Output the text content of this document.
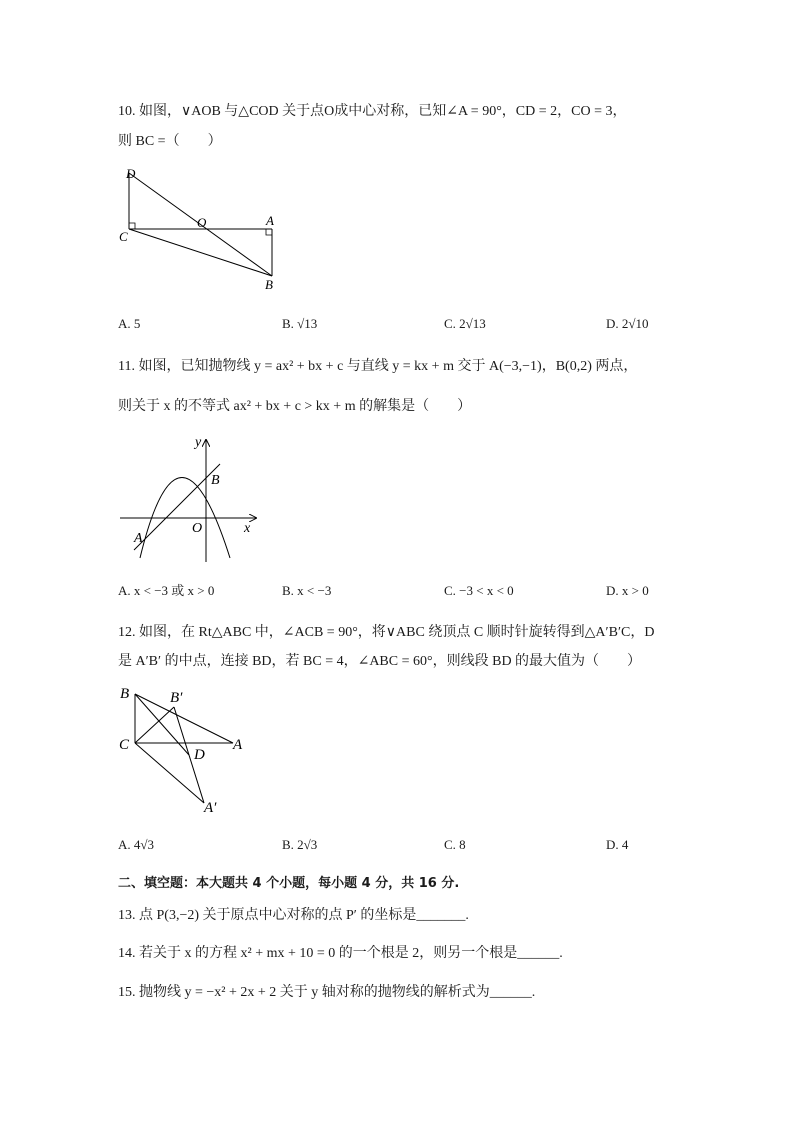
10. 如图，∨AOB 与△COD 关于点O成中心对称，已知∠A = 90°，CD = 2，CO = 3，
则 BC =（　　）
D
C
O	A
B
A. 5	B. √13	C. 2√13	D. 2√10
11. 如图，已知抛物线 y = ax² + bx + c 与直线 y = kx + m 交于 A(−3,−1)，B(0,2) 两点，
则关于 x 的不等式 ax² + bx + c > kx + m 的解集是（　　）
y
x
O
A
B
A. x < −3 或 x > 0	B. x < −3	C. −3 < x < 0	D. x > 0
12. 如图，在 Rt△ABC 中，∠ACB = 90°，将∨ABC 绕顶点 C 顺时针旋转得到△A′B′C，D
是 A′B′ 的中点，连接 BD，若 BC = 4，∠ABC = 60°，则线段 BD 的最大值为（　　）
B	B′
C
D
A
A′
A. 4√3	B. 2√3	C. 8	D. 4
二、填空题：本大题共 4 个小题，每小题 4 分，共 16 分.
13. 点 P(3,−2) 关于原点中心对称的点 P′ 的坐标是_______.
14. 若关于 x 的方程 x² + mx + 10 = 0 的一个根是 2，则另一个根是______.
15. 抛物线 y = −x² + 2x + 2 关于 y 轴对称的抛物线的解析式为______.
